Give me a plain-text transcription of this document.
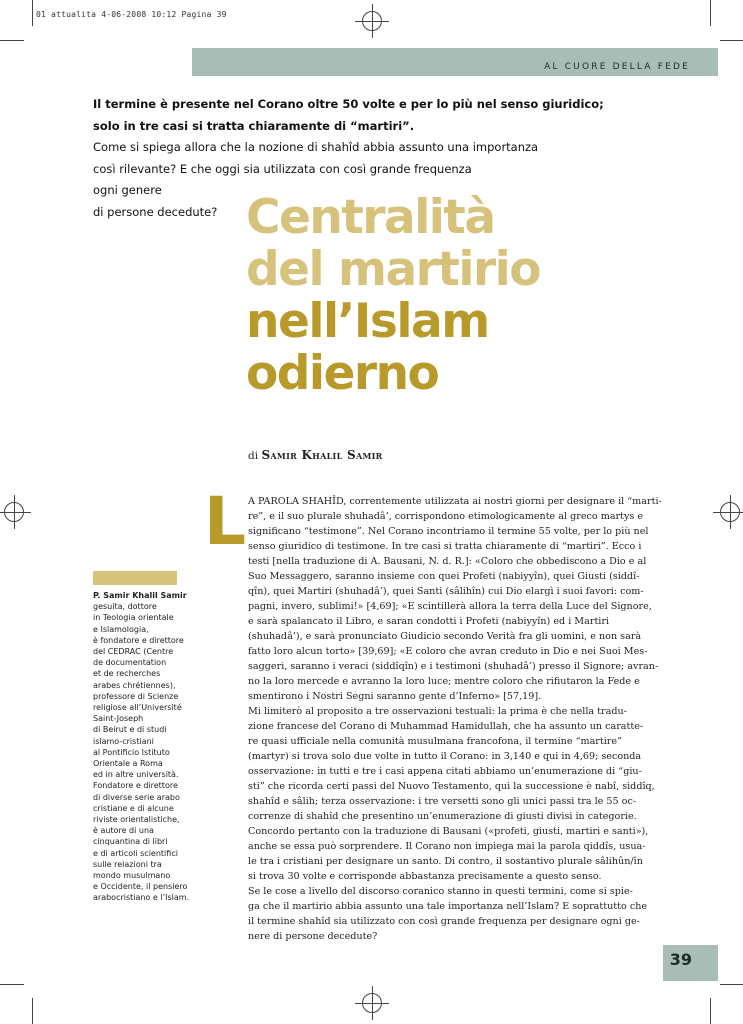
01 attualita 4-06-2008 10:12 Pagina 39
AL CUORE DELLA FEDE
Il termine è presente nel Corano oltre 50 volte e per lo più nel senso giuridico;
solo in tre casi si tratta chiaramente di “martiri”.
Come si spiega allora che la nozione di shahîd abbia assunto una importanza
così rilevante? E che oggi sia utilizzata con così grande frequenza
ogni genere
di persone decedute? Centralità
del martirio
nell’Islam
odierno
di Samir Khalil Samir
L
P. Samir Khalil Samir
gesuita, dottore
in Teologia orientale
e Islamologia,
è fondatore e direttore
del CEDRAC (Centre
de documentation
et de recherches
arabes chrétiennes),
professore di Scienze
religiose all’Université
Saint-Joseph
di Beirut e di studi
islamo-cristiani
al Pontificio Istituto
Orientale a Roma
ed in altre università.
Fondatore e direttore
di diverse serie arabo
cristiane e di alcune
riviste orientalistiche,
è autore di una
cinquantina di libri
e di articoli scientifici
sulle relazioni tra
mondo musulmano
e Occidente, il pensiero
arabocristiano e l’Islam.
A PAROLA SHAHÎD, correntemente utilizzata ai nostri giorni per designare il “marti-
re”, e il suo plurale shuhadâ’, corrispondono etimologicamente al greco martys e
significano “testimone”. Nel Corano incontriamo il termine 55 volte, per lo più nel
senso giuridico di testimone. In tre casi si tratta chiaramente di “martiri”. Ecco i
testi [nella traduzione di A. Bausani, N. d. R.]: «Coloro che obbediscono a Dio e al
Suo Messaggero, saranno insieme con quei Profeti (nabiyyîn), quei Giusti (siddî-
qîn), quei Martiri (shuhadâ’), quei Santi (sâlihîn) cui Dio elargì i suoi favori: com-
pagni, invero, sublimi!» [4,69]; «E scintillerà allora la terra della Luce del Signore,
e sarà spalancato il Libro, e saran condotti i Profeti (nabiyyîn) ed i Martiri
(shuhadâ’), e sarà pronunciato Giudicio secondo Verità fra gli uomini, e non sarà
fatto loro alcun torto» [39,69]; «E coloro che avran creduto in Dio e nei Suoi Mes-
saggeri, saranno i veraci (siddîqîn) e i testimoni (shuhadâ’) presso il Signore; avran-
no la loro mercede e avranno la loro luce; mentre coloro che rifiutaron la Fede e
smentirono i Nostri Segni saranno gente d’Inferno» [57,19].
Mi limiterò al proposito a tre osservazioni testuali: la prima è che nella tradu-
zione francese del Corano di Muhammad Hamidullah, che ha assunto un caratte-
re quasi ufficiale nella comunità musulmana francofona, il termine “martire”
(martyr) si trova solo due volte in tutto il Corano: in 3,140 e qui in 4,69; seconda
osservazione: in tutti e tre i casi appena citati abbiamo un’enumerazione di “giu-
sti” che ricorda certi passi del Nuovo Testamento, qui la successione è nabî, siddîq,
shahîd e sâlih; terza osservazione: i tre versetti sono gli unici passi tra le 55 oc-
correnze di shahîd che presentino un’enumerazione di giusti divisi in categorie.
Concordo pertanto con la traduzione di Bausani («profeti, giusti, martiri e santi»),
anche se essa può sorprendere. Il Corano non impiega mai la parola qiddîs, usua-
le tra i cristiani per designare un santo. Di contro, il sostantivo plurale sâlihûn/în
si trova 30 volte e corrisponde abbastanza precisamente a questo senso.
Se le cose a livello del discorso coranico stanno in questi termini, come si spie-
ga che il martirio abbia assunto una tale importanza nell’Islam? E soprattutto che
il termine shahîd sia utilizzato con così grande frequenza per designare ogni ge-
nere di persone decedute?
39
